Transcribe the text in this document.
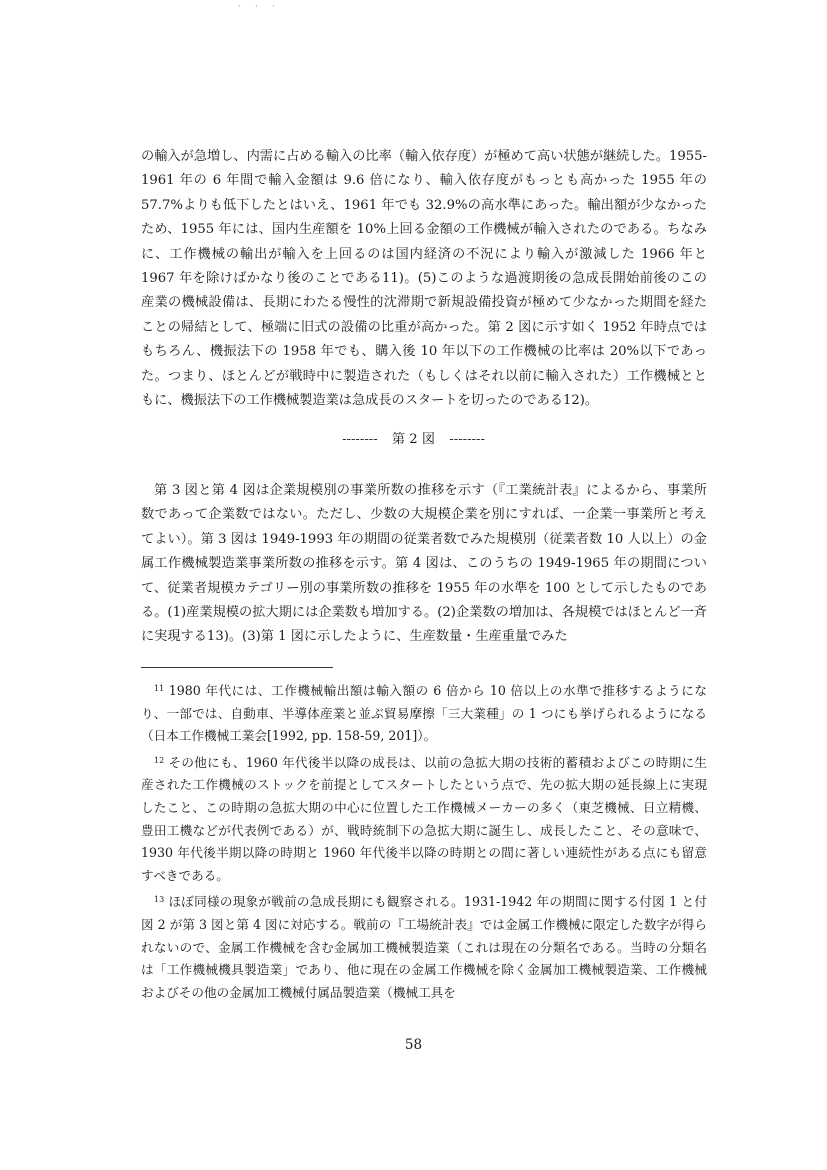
· · ·

の輸入が急増し、内需に占める輸入の比率（輸入依存度）が極めて高い状態が継続した。1955-1961 年の 6 年間で輸入金額は 9.6 倍になり、輸入依存度がもっとも高かった 1955 年の 57.7%よりも低下したとはいえ、1961 年でも 32.9%の高水準にあった。輸出額が少なかったため、1955 年には、国内生産額を 10%上回る金額の工作機械が輸入されたのである。ちなみに、工作機械の輸出が輸入を上回るのは国内経済の不況により輸入が激減した 1966 年と 1967 年を除けばかなり後のことである11)。(5)このような過渡期後の急成長開始前後のこの産業の機械設備は、長期にわたる慢性的沈滞期で新規設備投資が極めて少なかった期間を経たことの帰結として、極端に旧式の設備の比重が高かった。第 2 図に示す如く 1952 年時点ではもちろん、機振法下の 1958 年でも、購入後 10 年以下の工作機械の比率は 20%以下であった。つまり、ほとんどが戦時中に製造された（もしくはそれ以前に輸入された）工作機械とともに、機振法下の工作機械製造業は急成長のスタートを切ったのである12)。

-------- 第 2 図 --------

第 3 図と第 4 図は企業規模別の事業所数の推移を示す（『工業統計表』によるから、事業所数であって企業数ではない。ただし、少数の大規模企業を別にすれば、一企業一事業所と考えてよい）。第 3 図は 1949-1993 年の期間の従業者数でみた規模別（従業者数 10 人以上）の金属工作機械製造業事業所数の推移を示す。第 4 図は、このうちの 1949-1965 年の期間について、従業者規模カテゴリー別の事業所数の推移を 1955 年の水準を 100 として示したものである。(1)産業規模の拡大期には企業数も増加する。(2)企業数の増加は、各規模ではほとんど一斉に実現する13)。(3)第 1 図に示したように、生産数量・生産重量でみた

$^{11}$ 1980 年代には、工作機械輸出額は輸入額の 6 倍から 10 倍以上の水準で推移するようになり、一部では、自動車、半導体産業と並ぶ貿易摩擦「三大業種」の 1 つにも挙げられるようになる（日本工作機械工業会[1992, pp. 158-59, 201]）。

$^{12}$ その他にも、1960 年代後半以降の成長は、以前の急拡大期の技術的蓄積およびこの時期に生産された工作機械のストックを前提としてスタートしたという点で、先の拡大期の延長線上に実現したこと、この時期の急拡大期の中心に位置した工作機械メーカーの多く（東芝機械、日立精機、豊田工機などが代表例である）が、戦時統制下の急拡大期に誕生し、成長したこと、その意味で、1930 年代後半期以降の時期と 1960 年代後半以降の時期との間に著しい連続性がある点にも留意すべきである。

$^{13}$ ほぼ同様の現象が戦前の急成長期にも観察される。1931-1942 年の期間に関する付図 1 と付図 2 が第 3 図と第 4 図に対応する。戦前の『工場統計表』では金属工作機械に限定した数字が得られないので、金属工作機械を含む金属加工機械製造業（これは現在の分類名である。当時の分類名は「工作機械機具製造業」であり、他に現在の金属工作機械を除く金属加工機械製造業、工作機械およびその他の金属加工機械付属品製造業（機械工具を

58
